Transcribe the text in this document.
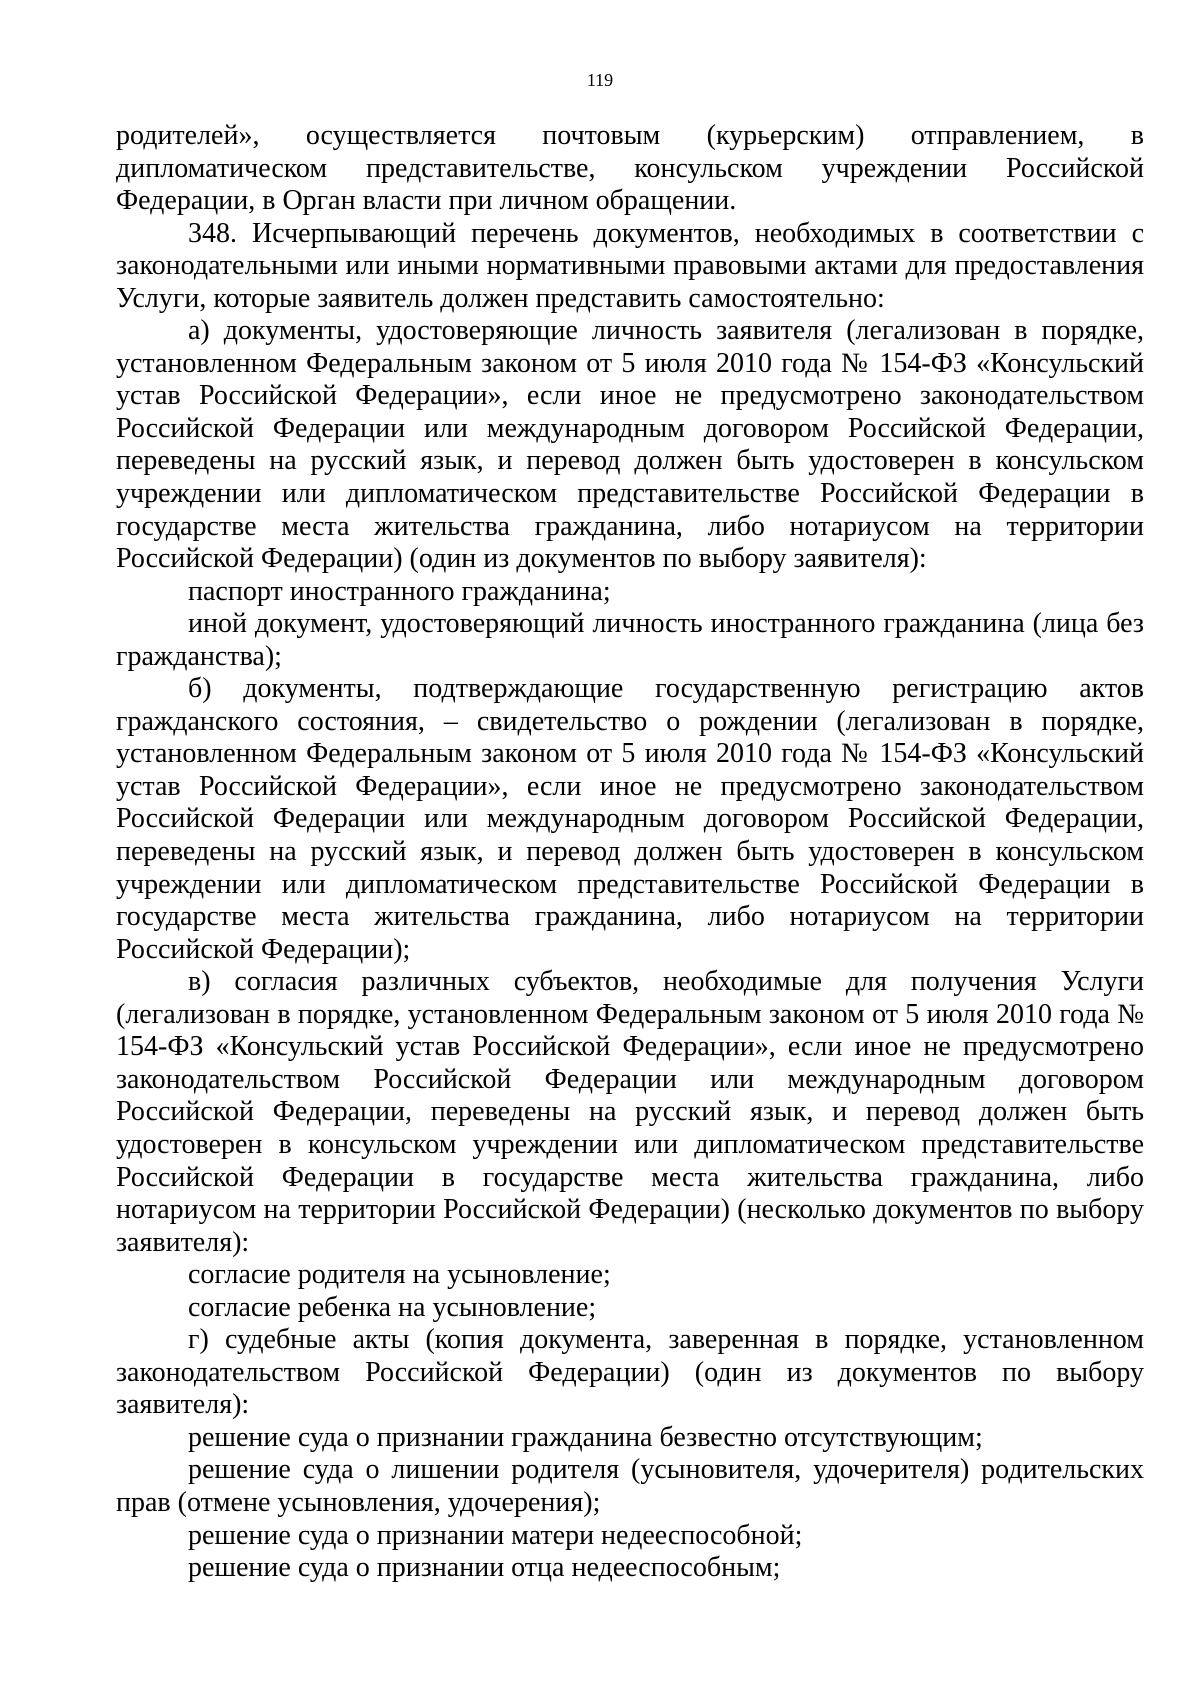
119

родителей», осуществляется почтовым (курьерским) отправлением, в дипломатическом представительстве, консульском учреждении Российской Федерации, в Орган власти при личном обращении.

348. Исчерпывающий перечень документов, необходимых в соответствии с законодательными или иными нормативными правовыми актами для предоставления Услуги, которые заявитель должен представить самостоятельно:

а) документы, удостоверяющие личность заявителя (легализован в порядке, установленном Федеральным законом от 5 июля 2010 года № 154-ФЗ «Консульский устав Российской Федерации», если иное не предусмотрено законодательством Российской Федерации или международным договором Российской Федерации, переведены на русский язык, и перевод должен быть удостоверен в консульском учреждении или дипломатическом представительстве Российской Федерации в государстве места жительства гражданина, либо нотариусом на территории Российской Федерации) (один из документов по выбору заявителя):

паспорт иностранного гражданина;

иной документ, удостоверяющий личность иностранного гражданина (лица без гражданства);

б) документы, подтверждающие государственную регистрацию актов гражданского состояния, – свидетельство о рождении (легализован в порядке, установленном Федеральным законом от 5 июля 2010 года № 154-ФЗ «Консульский устав Российской Федерации», если иное не предусмотрено законодательством Российской Федерации или международным договором Российской Федерации, переведены на русский язык, и перевод должен быть удостоверен в консульском учреждении или дипломатическом представительстве Российской Федерации в государстве места жительства гражданина, либо нотариусом на территории Российской Федерации);

в) согласия различных субъектов, необходимые для получения Услуги (легализован в порядке, установленном Федеральным законом от 5 июля 2010 года № 154-ФЗ «Консульский устав Российской Федерации», если иное не предусмотрено законодательством Российской Федерации или международным договором Российской Федерации, переведены на русский язык, и перевод должен быть удостоверен в консульском учреждении или дипломатическом представительстве Российской Федерации в государстве места жительства гражданина, либо нотариусом на территории Российской Федерации) (несколько документов по выбору заявителя):

согласие родителя на усыновление;

согласие ребенка на усыновление;

г) судебные акты (копия документа, заверенная в порядке, установленном законодательством Российской Федерации) (один из документов по выбору заявителя):

решение суда о признании гражданина безвестно отсутствующим;

решение суда о лишении родителя (усыновителя, удочерителя) родительских прав (отмене усыновления, удочерения);

решение суда о признании матери недееспособной;

решение суда о признании отца недееспособным;
